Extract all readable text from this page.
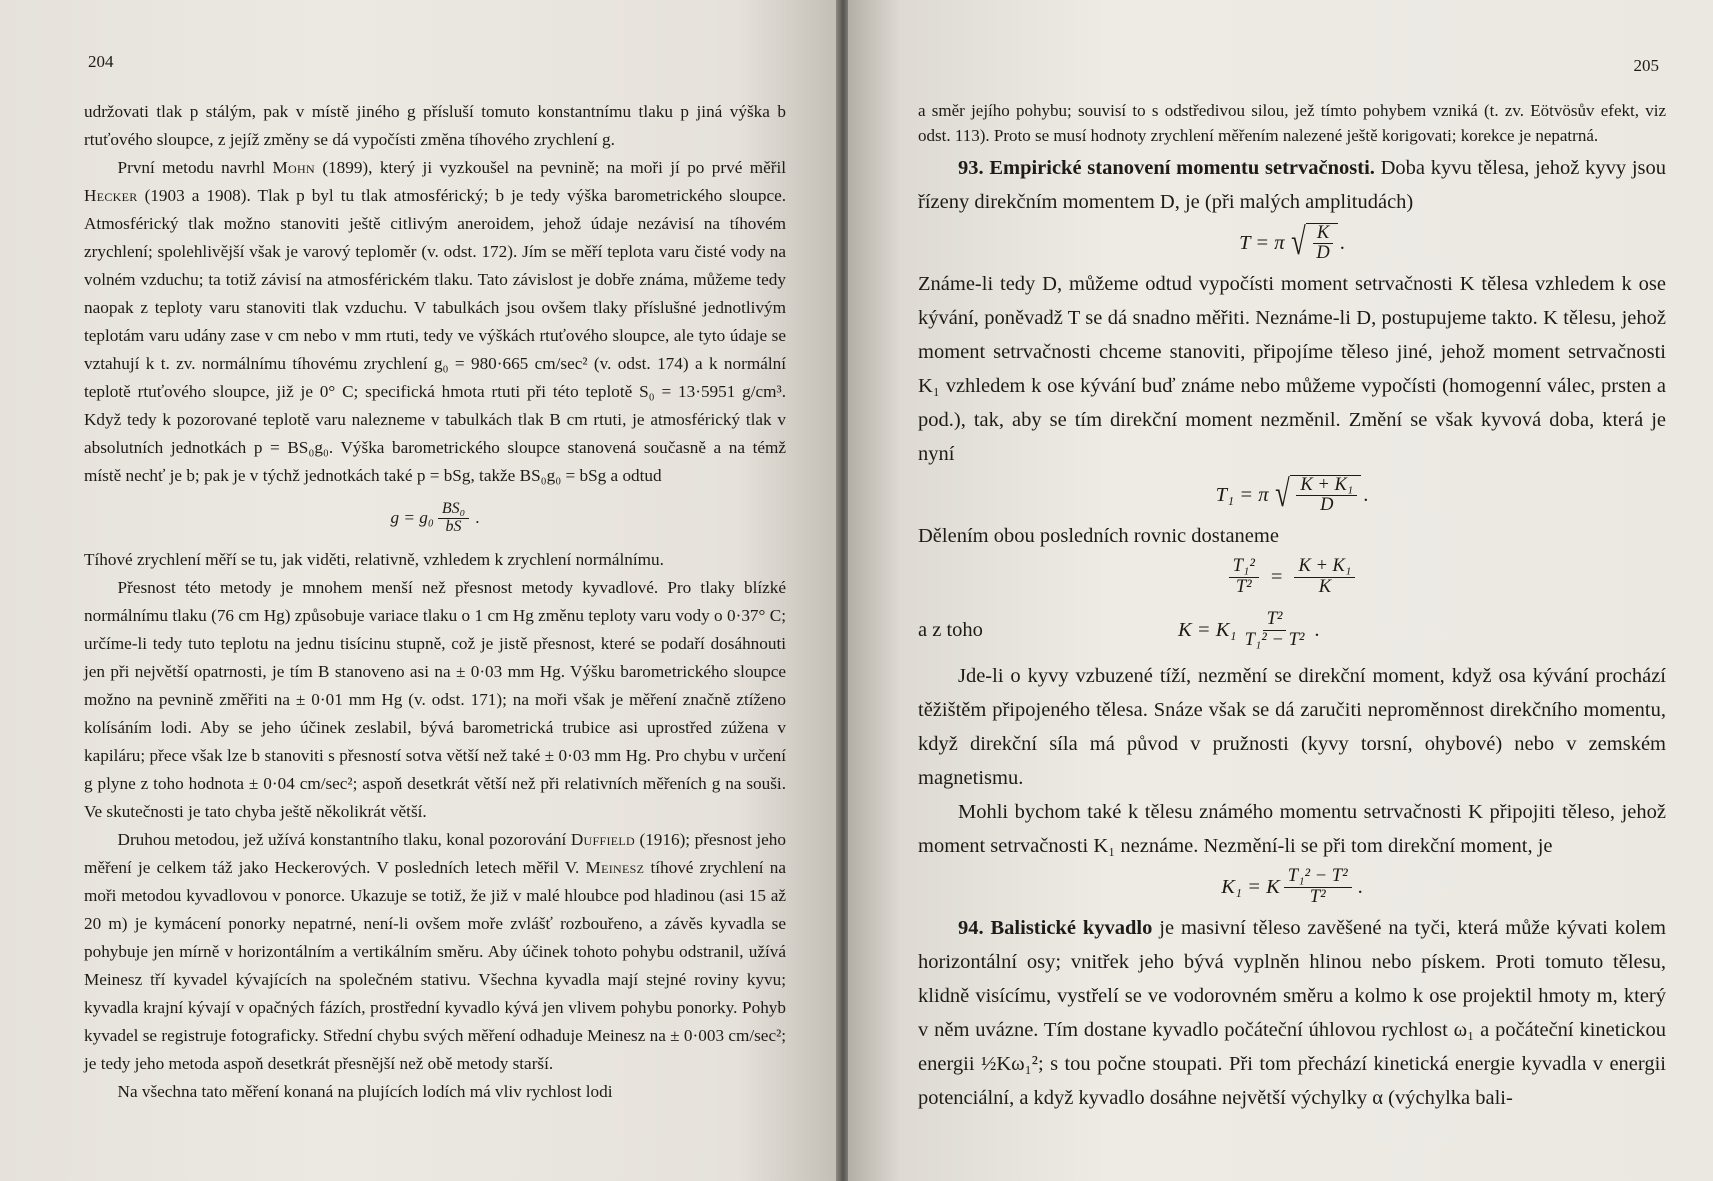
204

udržovati tlak p stálým, pak v místě jiného g přísluší tomuto konstantnímu tlaku p jiná výška b rtuťového sloupce, z jejíž změny se dá vypočísti změna tíhového zrychlení g.

První metodu navrhl Mohn (1899), který ji vyzkoušel na pevnině; na moři jí po prvé měřil Hecker (1903 a 1908). Tlak p byl tu tlak atmosférický; b je tedy výška barometrického sloupce. Atmosférický tlak možno stanoviti ještě citlivým aneroidem, jehož údaje nezávisí na tíhovém zrychlení; spolehlivější však je varový teploměr (v. odst. 172). Jím se měří teplota varu čisté vody na volném vzduchu; ta totiž závisí na atmosférickém tlaku. Tato závislost je dobře známa, můžeme tedy naopak z teploty varu stanoviti tlak vzduchu. V tabulkách jsou ovšem tlaky příslušné jednotlivým teplotám varu udány zase v cm nebo v mm rtuti, tedy ve výškách rtuťového sloupce, ale tyto údaje se vztahují k t. zv. normálnímu tíhovému zrychlení g₀ = 980·665 cm/sec² (v. odst. 174) a k normální teplotě rtuťového sloupce, již je 0° C; specifická hmota rtuti při této teplotě S₀ = 13·5951 g/cm³. Když tedy k pozorované teplotě varu nalezneme v tabulkách tlak B cm rtuti, je atmosférický tlak v absolutních jednotkách p = BS₀g₀. Výška barometrického sloupce stanovená současně a na témž místě nechť je b; pak je v týchž jednotkách také p = bSg, takže BS₀g₀ = bSg a odtud

$g = g_0 \frac{\text{BS₀}}{bS}$ .

Tíhové zrychlení měří se tu, jak viděti, relativně, vzhledem k zrychlení normálnímu.

Přesnost této metody je mnohem menší než přesnost metody kyvadlové. Pro tlaky blízké normálnímu tlaku (76 cm Hg) způsobuje variace tlaku o 1 cm Hg změnu teploty varu vody o 0·37° C; určíme-li tedy tuto teplotu na jednu tisícinu stupně, což je jistě přesnost, které se podaří dosáhnouti jen při největší opatrnosti, je tím B stanoveno asi na ± 0·03 mm Hg. Výšku barometrického sloupce možno na pevnině změřiti na ± 0·01 mm Hg (v. odst. 171); na moři však je měření značně ztíženo kolísáním lodi. Aby se jeho účinek zeslabil, bývá barometrická trubice asi uprostřed zúžena v kapiláru; přece však lze b stanoviti s přesností sotva větší než také ± 0·03 mm Hg. Pro chybu v určení g plyne z toho hodnota ± 0·04 cm/sec²; aspoň desetkrát větší než při relativních měřeních g na souši. Ve skutečnosti je tato chyba ještě několikrát větší.

Druhou metodou, jež užívá konstantního tlaku, konal pozorování Duffield (1916); přesnost jeho měření je celkem táž jako Heckerových. V posledních letech měřil V. Meinesz tíhové zrychlení na moři metodou kyvadlovou v ponorce. Ukazuje se totiž, že již v malé hloubce pod hladinou (asi 15 až 20 m) je kymácení ponorky nepatrné, není-li ovšem moře zvlášť rozbouřeno, a závěs kyvadla se pohybuje jen mírně v horizontálním a vertikálním směru. Aby účinek tohoto pohybu odstranil, užívá Meinesz tří kyvadel kývajících na společném stativu. Všechna kyvadla mají stejné roviny kyvu; kyvadla krajní kývají v opačných fázích, prostřední kyvadlo kývá jen vlivem pohybu ponorky. Pohyb kyvadel se registruje fotograficky. Střední chybu svých měření odhaduje Meinesz na ± 0·003 cm/sec²; je tedy jeho metoda aspoň desetkrát přesnější než obě metody starší.

Na všechna tato měření konaná na plujících lodích má vliv rychlost lodi

205

a směr jejího pohybu; souvisí to s odstředivou silou, jež tímto pohybem vzniká (t. zv. Eötvösův efekt, viz odst. 113). Proto se musí hodnoty zrychlení měřením nalezené ještě korigovati; korekce je nepatrná.

93. Empirické stanovení momentu setrvačnosti. Doba kyvu tělesa, jehož kyvy jsou řízeny direkčním momentem D, je (při malých amplitudách)

T = π √ $\frac{K}{D}$ .

Známe-li tedy D, můžeme odtud vypočísti moment setrvačnosti K tělesa vzhledem k ose kývání, poněvadž T se dá snadno měřiti. Neznáme-li D, postupujeme takto. K tělesu, jehož moment setrvačnosti chceme stanoviti, připojíme těleso jiné, jehož moment setrvačnosti K₁ vzhledem k ose kývání buď známe nebo můžeme vypočísti (homogenní válec, prsten a pod.), tak, aby se tím direkční moment nezměnil. Změní se však kyvová doba, která je nyní

T₁ = π √ $\frac{\text{K + K₁}}{D}$ .

Dělením obou posledních rovnic dostaneme

$\frac{\text{T₁²}}{\text{T²}} = \frac{\text{K + K₁}}{K}$
a z toho	$K = K_1 \frac{\text{T²}}{\text{T₁² − T²}}$ .

Jde-li o kyvy vzbuzené tíží, nezmění se direkční moment, když osa kývání prochází těžištěm připojeného tělesa. Snáze však se dá zaručiti neproměnnost direkčního momentu, když direkční síla má původ v pružnosti (kyvy torsní, ohybové) nebo v zemském magnetismu.

Mohli bychom také k tělesu známého momentu setrvačnosti K připojiti těleso, jehož moment setrvačnosti K₁ neznáme. Nezmění-li se při tom direkční moment, je

K₁ = K $\frac{\text{T₁² − T²}}{\text{T²}}$ .

94. Balistické kyvadlo je masivní těleso zavěšené na tyči, která může kývati kolem horizontální osy; vnitřek jeho bývá vyplněn hlinou nebo pískem. Proti tomuto tělesu, klidně visícímu, vystřelí se ve vodorovném směru a kolmo k ose projektil hmoty m, který v něm uvázne. Tím dostane kyvadlo počáteční úhlovou rychlost ω₁ a počáteční kinetickou energii ½Kω₁²; s tou počne stoupati. Při tom přechází kinetická energie kyvadla v energii potenciální, a když kyvadlo dosáhne největší výchylky α (výchylka bali-
